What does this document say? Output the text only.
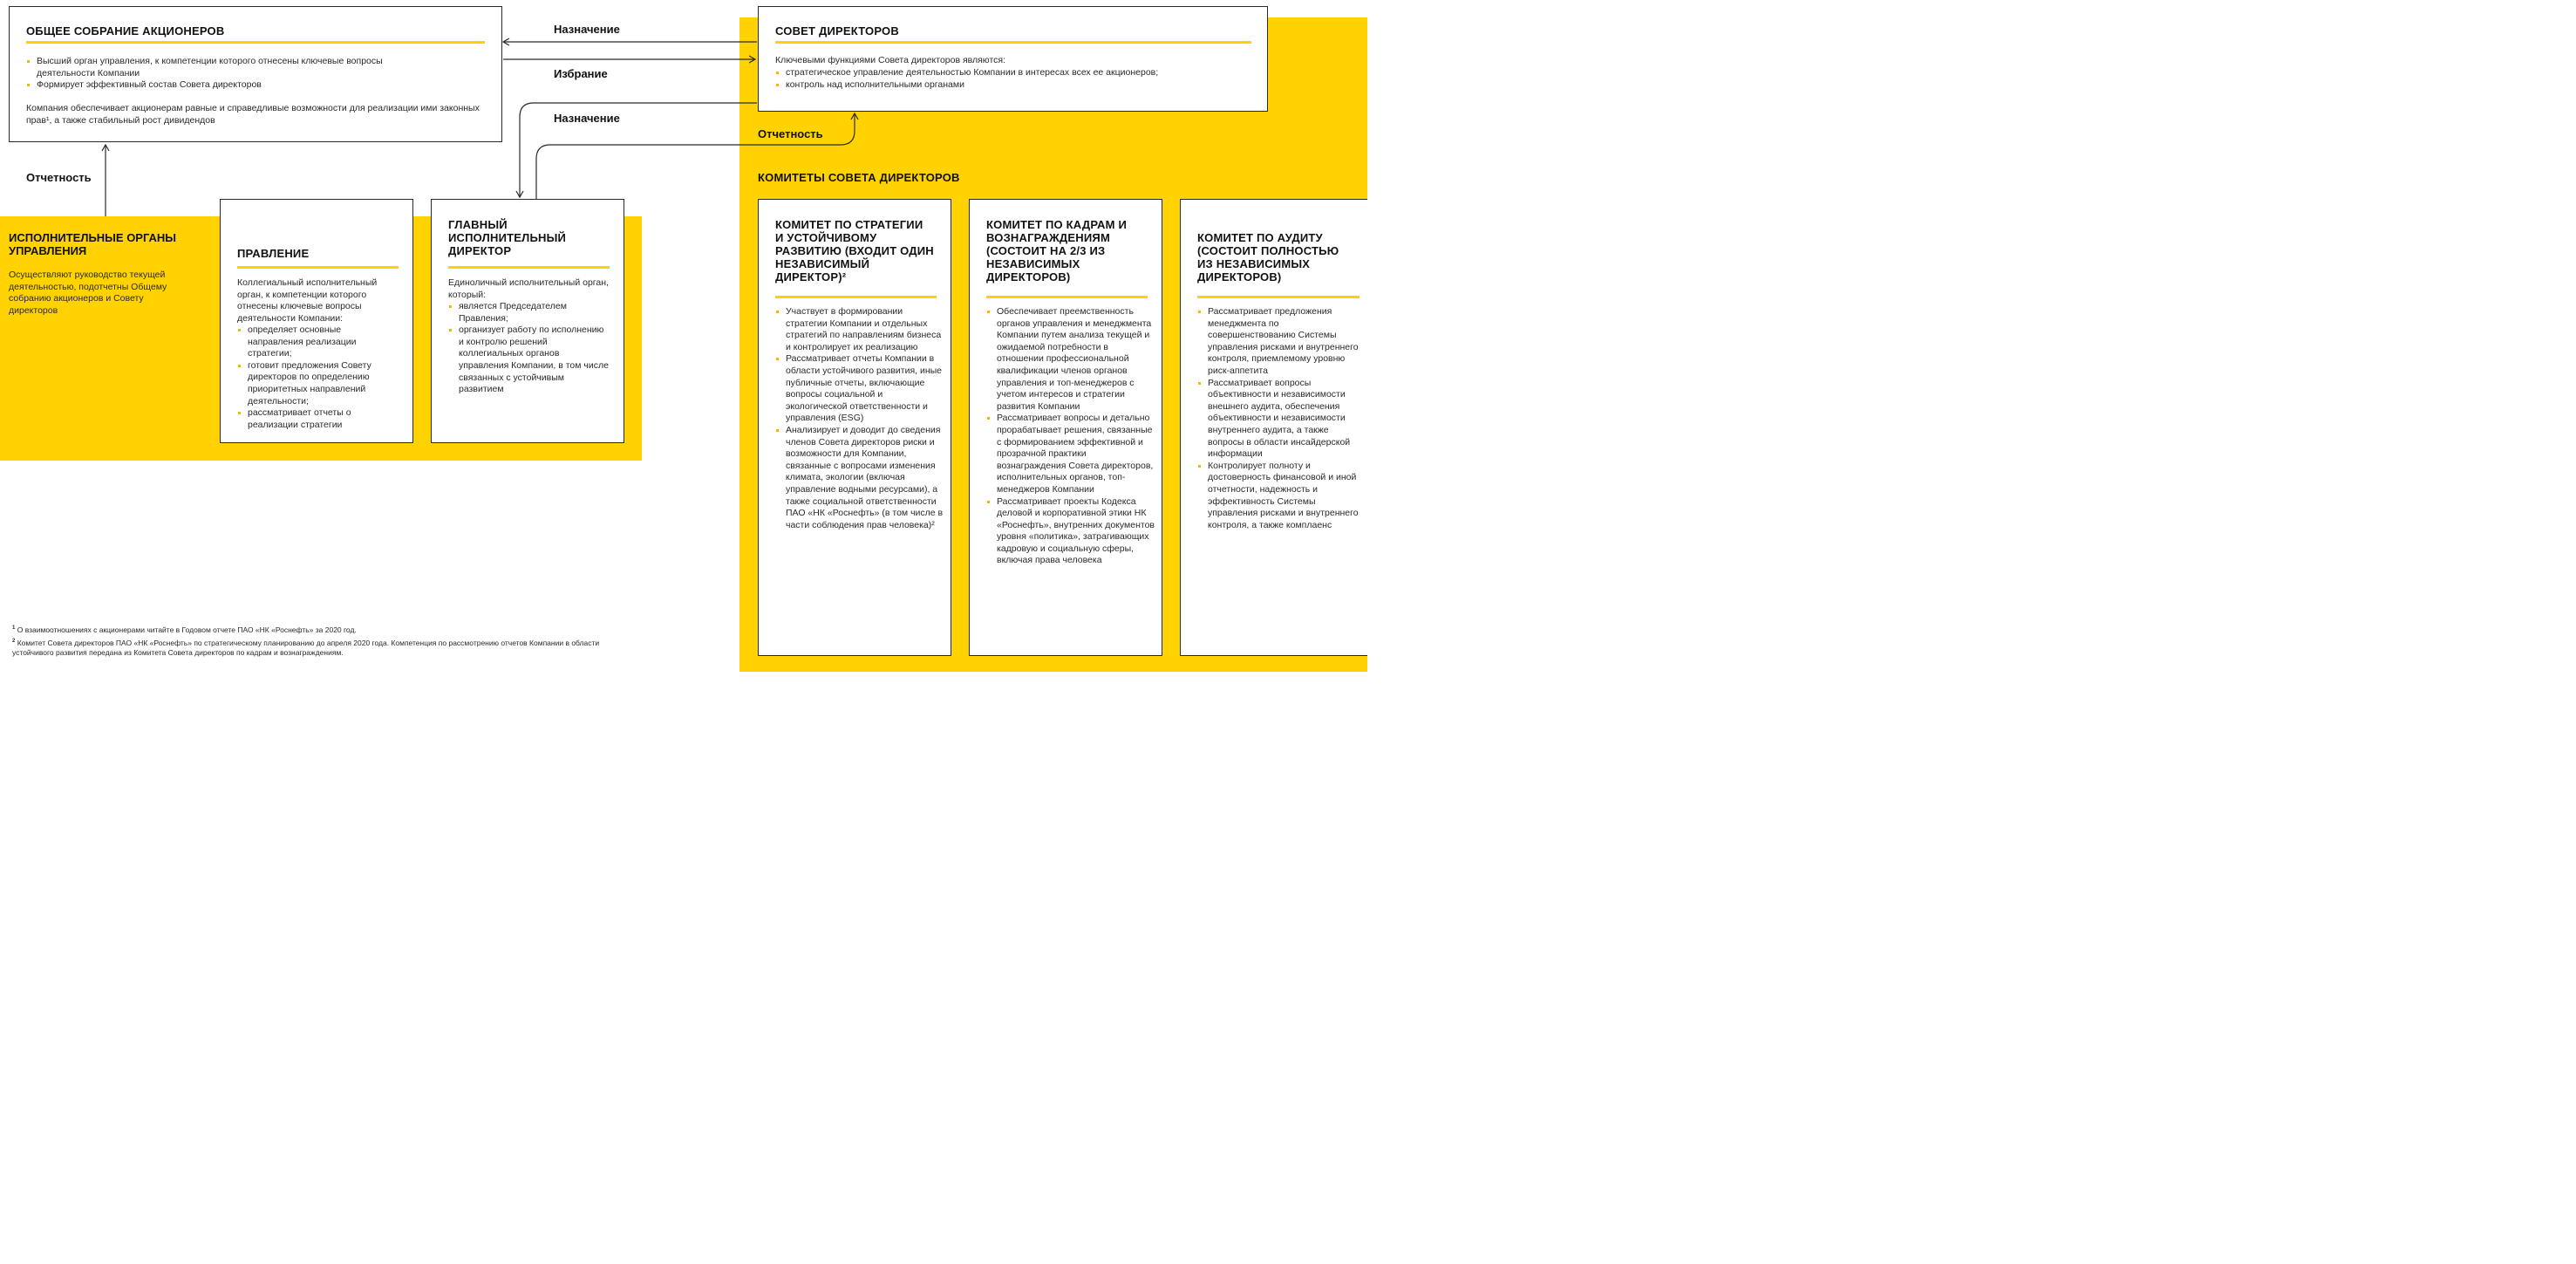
Назначение
Избрание
Назначение
Отчетность
Отчетность
ОБЩЕЕ СОБРАНИЕ АКЦИОНЕРОВ
Высший орган управления, к компетенции которого отнесены ключевые вопросы деятельности Компании
Формирует эффективный состав Совета директоров
Компания обеспечивает акционерам равные и справедливые возможности для реализации ими законных прав¹, а также стабильный рост дивидендов
СОВЕТ ДИРЕКТОРОВ
Ключевыми функциями Совета директоров являются:
стратегическое управление деятельностью Компании в интересах всех ее акционеров;
контроль над исполнительными органами
ИСПОЛНИТЕЛЬНЫЕ ОРГАНЫ УПРАВЛЕНИЯ
Осуществляют руководство текущей деятельностью, подотчетны Общему собранию акционеров и Совету директоров
ПРАВЛЕНИЕ
Коллегиальный исполнительный орган, к компетенции которого отнесены ключевые вопросы деятельности Компании:
определяет основные направления реализации стратегии;
готовит предложения Совету директоров по определению приоритетных направлений деятельности;
рассматривает отчеты о реализации стратегии
ГЛАВНЫЙ ИСПОЛНИТЕЛЬНЫЙ ДИРЕКТОР
Единоличный исполнительный орган, который:
является Председателем Правления;
организует работу по исполнению и контролю решений коллегиальных органов управления Компании, в том числе связанных с устойчивым развитием
КОМИТЕТЫ СОВЕТА ДИРЕКТОРОВ
КОМИТЕТ ПО СТРАТЕГИИ И УСТОЙЧИВОМУ РАЗВИТИЮ (ВХОДИТ ОДИН НЕЗАВИСИМЫЙ ДИРЕКТОР)²
Участвует в формировании стратегии Компании и отдельных стратегий по направлениям бизнеса и контролирует их реализацию
Рассматривает отчеты Компании в области устойчивого развития, иные публичные отчеты, включающие вопросы социальной и экологической ответственности и управления (ESG)
Анализирует и доводит до сведения членов Совета директоров риски и возможности для Компании, связанные с вопросами изменения климата, экологии (включая управление водными ресурсами), а также социальной ответственности ПАО «НК «Роснефть» (в том числе в части соблюдения прав человека)²
КОМИТЕТ ПО КАДРАМ И ВОЗНАГРАЖДЕНИЯМ (СОСТОИТ НА 2/3 ИЗ НЕЗАВИСИМЫХ ДИРЕКТОРОВ)
Обеспечивает преемственность органов управления и менеджмента Компании путем анализа текущей и ожидаемой потребности в отношении профессиональной квалификации членов органов управления и топ-менеджеров с учетом интересов и стратегии развития Компании
Рассматривает вопросы и детально прорабатывает решения, связанные с формированием эффективной и прозрачной практики вознаграждения Совета директоров, исполнительных органов, топ-менеджеров Компании
Рассматривает проекты Кодекса деловой и корпоративной этики НК «Роснефть», внутренних документов уровня «политика», затрагивающих кадровую и социальную сферы, включая права человека
КОМИТЕТ ПО АУДИТУ (СОСТОИТ ПОЛНОСТЬЮ ИЗ НЕЗАВИСИМЫХ ДИРЕКТОРОВ)
Рассматривает предложения менеджмента по совершенствованию Системы управления рисками и внутреннего контроля, приемлемому уровню риск-аппетита
Рассматривает вопросы объективности и независимости внешнего аудита, обеспечения объективности и независимости внутреннего аудита, а также вопросы в области инсайдерской информации
Контролирует полноту и достоверность финансовой и иной отчетности, надежность и эффективность Системы управления рисками и внутреннего контроля, а также комплаенс
$^1$ О взаимоотношениях с акционерами читайте в Годовом отчете ПАО «НК «Роснефть» за 2020 год.
$^2$ Комитет Совета директоров ПАО «НК «Роснефть» по стратегическому планированию до апреля 2020 года. Компетенция по рассмотрению отчетов Компании в области устойчивого развития передана из Комитета Совета директоров по кадрам и вознаграждениям.
